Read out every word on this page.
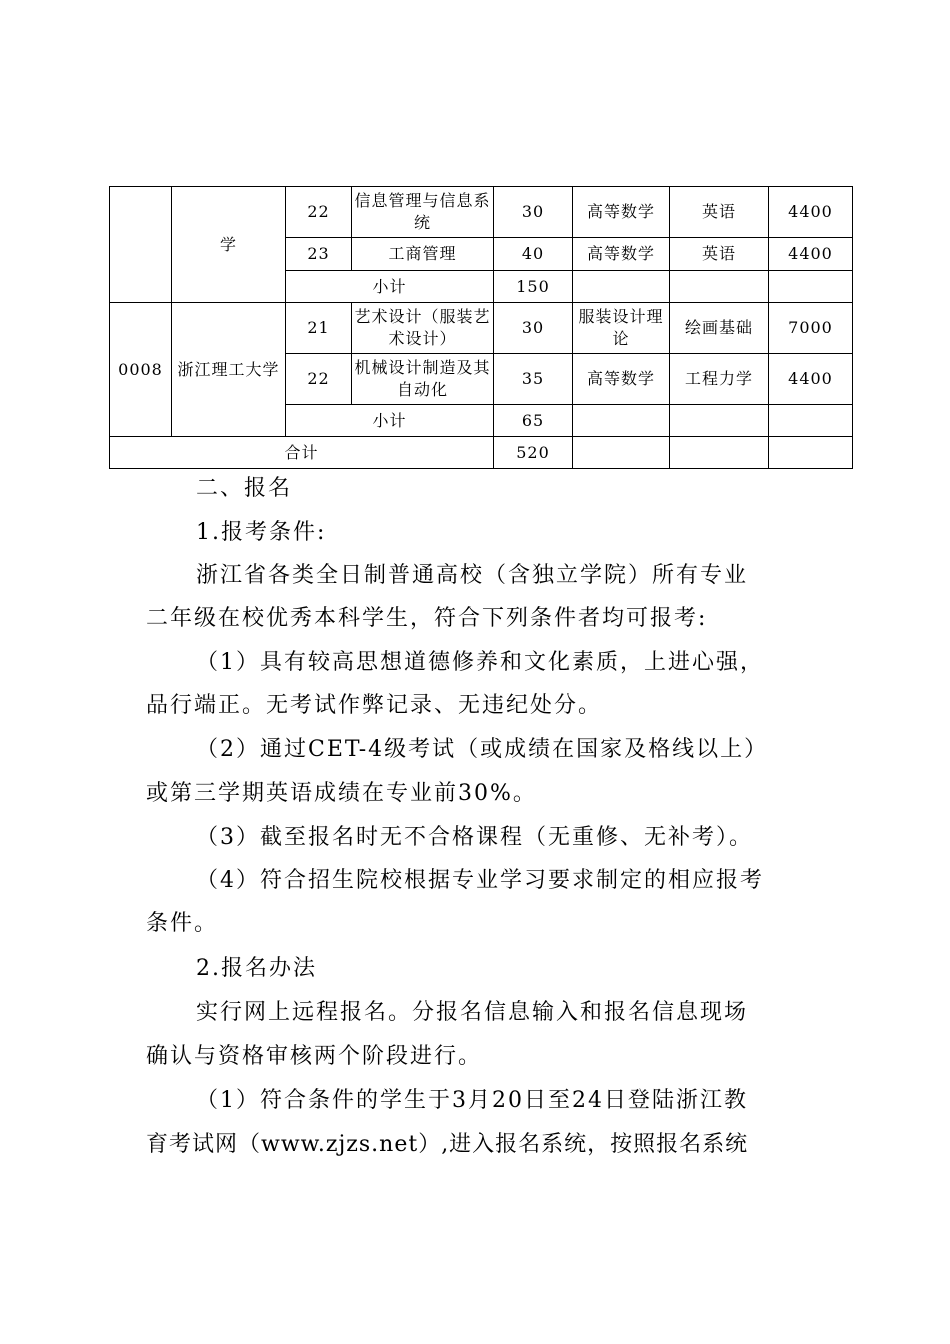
	学	22	信息管理与信息系统	30	高等数学	英语	4400
		23	工商管理	40	高等数学	英语	4400
		小计		150			
0008	浙江理工大学	21	艺术设计（服装艺术设计）	30	服装设计理论	绘画基础	7000
		22	机械设计制造及其自动化	35	高等数学	工程力学	4400
		小计		65			
合计				520			
二、报名
1.报考条件:
浙江省各类全日制普通高校（含独立学院）所有专业
二年级在校优秀本科学生，符合下列条件者均可报考:
（1）具有较高思想道德修养和文化素质，上进心强，
品行端正。无考试作弊记录、无违纪处分。
（2）通过CET-4级考试（或成绩在国家及格线以上）
或第三学期英语成绩在专业前30%。
（3）截至报名时无不合格课程（无重修、无补考）。
（4）符合招生院校根据专业学习要求制定的相应报考
条件。
2.报名办法
实行网上远程报名。分报名信息输入和报名信息现场
确认与资格审核两个阶段进行。
（1）符合条件的学生于3月20日至24日登陆浙江教
育考试网（www.zjzs.net）,进入报名系统，按照报名系统
